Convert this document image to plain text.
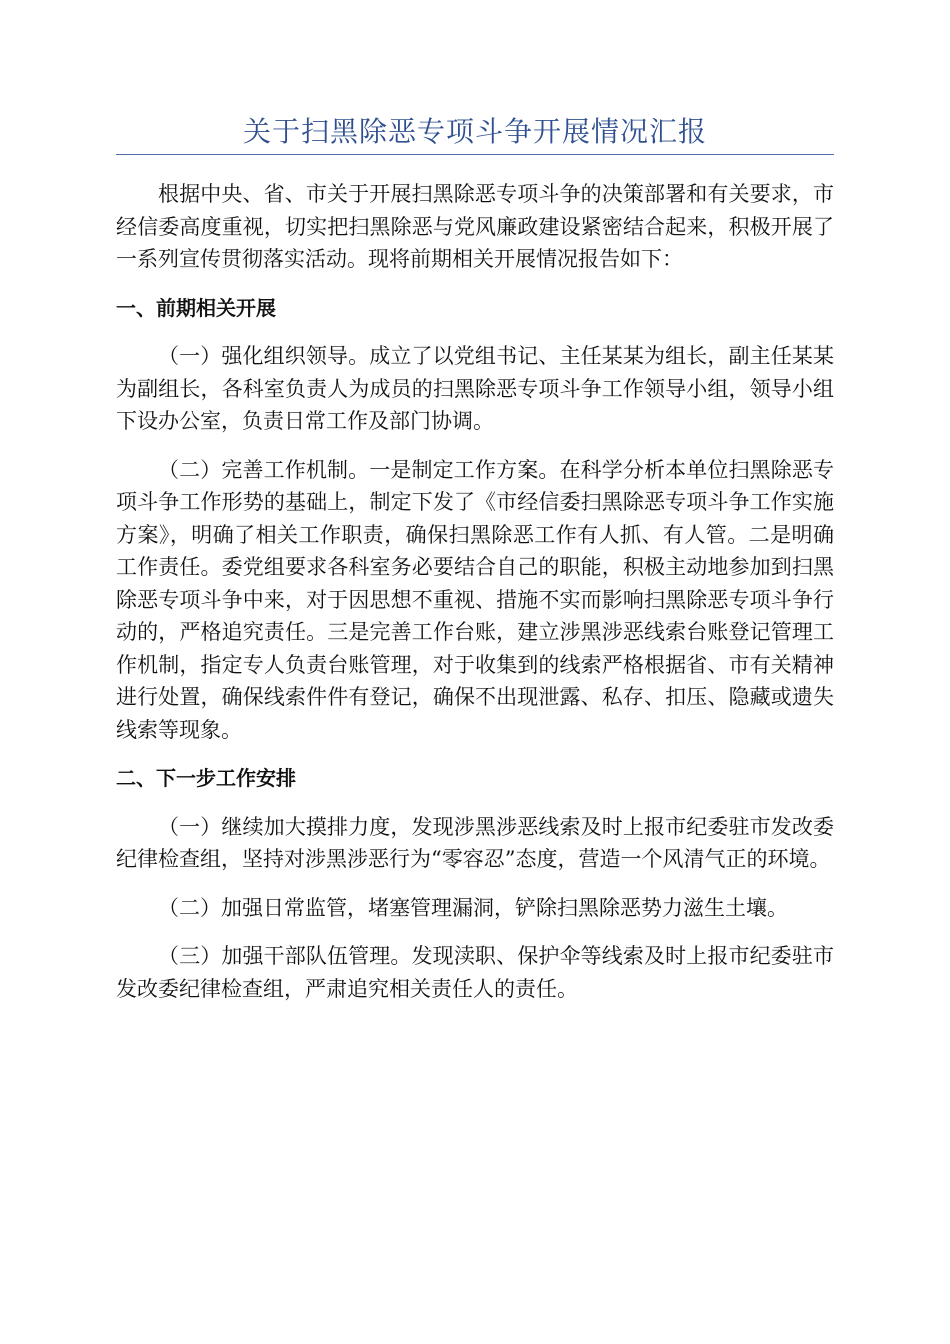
关于扫黑除恶专项斗争开展情况汇报

根据中央、省、市关于开展扫黑除恶专项斗争的决策部署和有关要求，市经信委高度重视，切实把扫黑除恶与党风廉政建设紧密结合起来，积极开展了一系列宣传贯彻落实活动。现将前期相关开展情况报告如下：

一、前期相关开展

（一）强化组织领导。成立了以党组书记、主任某某为组长，副主任某某为副组长，各科室负责人为成员的扫黑除恶专项斗争工作领导小组，领导小组下设办公室，负责日常工作及部门协调。

（二）完善工作机制。一是制定工作方案。在科学分析本单位扫黑除恶专项斗争工作形势的基础上，制定下发了《市经信委扫黑除恶专项斗争工作实施方案》，明确了相关工作职责，确保扫黑除恶工作有人抓、有人管。二是明确工作责任。委党组要求各科室务必要结合自己的职能，积极主动地参加到扫黑除恶专项斗争中来，对于因思想不重视、措施不实而影响扫黑除恶专项斗争行动的，严格追究责任。三是完善工作台账，建立涉黑涉恶线索台账登记管理工作机制，指定专人负责台账管理，对于收集到的线索严格根据省、市有关精神进行处置，确保线索件件有登记，确保不出现泄露、私存、扣压、隐藏或遗失线索等现象。

二、下一步工作安排

（一）继续加大摸排力度，发现涉黑涉恶线索及时上报市纪委驻市发改委纪律检查组，坚持对涉黑涉恶行为“零容忍”态度，营造一个风清气正的环境。

（二）加强日常监管，堵塞管理漏洞，铲除扫黑除恶势力滋生土壤。

（三）加强干部队伍管理。发现渎职、保护伞等线索及时上报市纪委驻市发改委纪律检查组，严肃追究相关责任人的责任。
